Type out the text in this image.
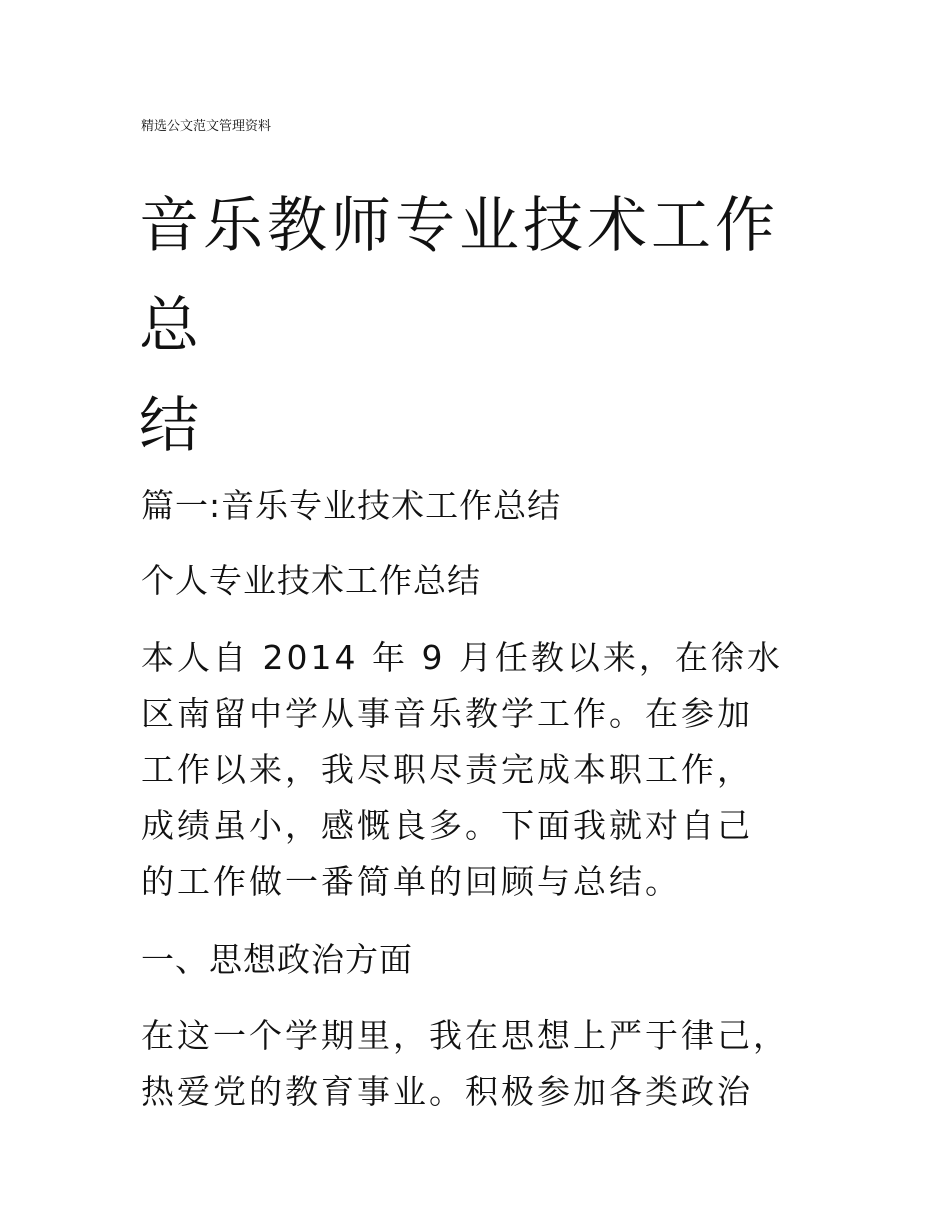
精选公文范文管理资料
音乐教师专业技术工作
总
结
篇一:音乐专业技术工作总结
个人专业技术工作总结

本人自 2014 年 9 月任教以来，在徐水
区南留中学从事音乐教学工作。在参加
工作以来，我尽职尽责完成本职工作，
成绩虽小，感慨良多。下面我就对自己
的工作做一番简单的回顾与总结。

一、思想政治方面

在这一个学期里，我在思想上严于律己，
热爱党的教育事业。积极参加各类政治
